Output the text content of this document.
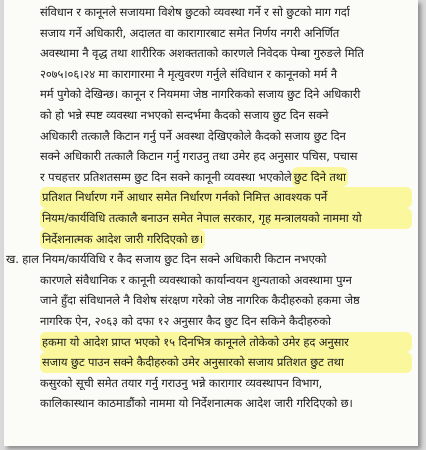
संविधान र कानूनले सजायमा विशेष छुटको व्यवस्था गर्ने र सो छुटको माग गर्दा
सजाय गर्ने अधिकारी, अदालत वा कारागारबाट समेत निर्णय नगरी अनिर्णित
अवस्थामा नै वृद्ध तथा शारीरिक अशक्तताको कारणले निवेदक पेम्बा गुरुङले मिति
२०७५।०६।२४ मा कारागारमा नै मृत्युवरण गर्नुले संविधान र कानूनको मर्म नै
मर्म पुगेको देखिन्छ। कानून र नियममा जेष्ठ नागरिकको सजाय छुट दिने अधिकारी
को हो भन्ने स्पष्ट व्यवस्था नभएको सन्दर्भमा कैदको सजाय छुट दिन सक्ने
अधिकारी तत्कालै किटान गर्नु पर्ने अवस्था देखिएकोले कैदको सजाय छुट दिन
सक्ने अधिकारी तत्कालै किटान गर्नु गराउनु तथा उमेर हद अनुसार पचिस, पचास
र पचहत्तर प्रतिशतसम्म छुट दिन सक्ने कानूनी व्यवस्था भएकोलेछुट दिने तथा
प्रतिशत निर्धारण गर्ने आधार समेत निर्धारण गर्नको निमित्त आवश्यक पर्ने
नियम/कार्यविधि तत्कालै बनाउन समेत नेपाल सरकार, गृह मन्त्रालयको नाममा यो
निर्देशनात्मक आदेश जारी गरिदिएको छ।
ख. हाल नियम/कार्यविधि र कैद सजाय छुट दिन सक्ने अधिकारी किटान नभएको
कारणले संवैधानिक र कानूनी व्यवस्थाको कार्यान्वयन शुन्यताको अवस्थामा पुग्न
जाने हुँदा संविधानले नै विशेष संरक्षण गरेको जेष्ठ नागरिक कैदीहरुको हकमा जेष्ठ
नागरिक ऐन, २०६३ को दफा १२ अनुसार कैद छुट दिन सकिने कैदीहरुको
हकमा यो आदेश प्राप्त भएको १५ दिनभित्र कानूनले तोकेको उमेर हद अनुसार
सजाय छुट पाउन सक्ने कैदीहरुको उमेर अनुसारको सजाय प्रतिशत छुट तथा
कसुरको सूची समेत तयार गर्नु गराउनु भन्ने कारागार व्यवस्थापन विभाग,
कालिकास्थान काठमाडौंको नाममा यो निर्देशनात्मक आदेश जारी गरिदिएको छ।
